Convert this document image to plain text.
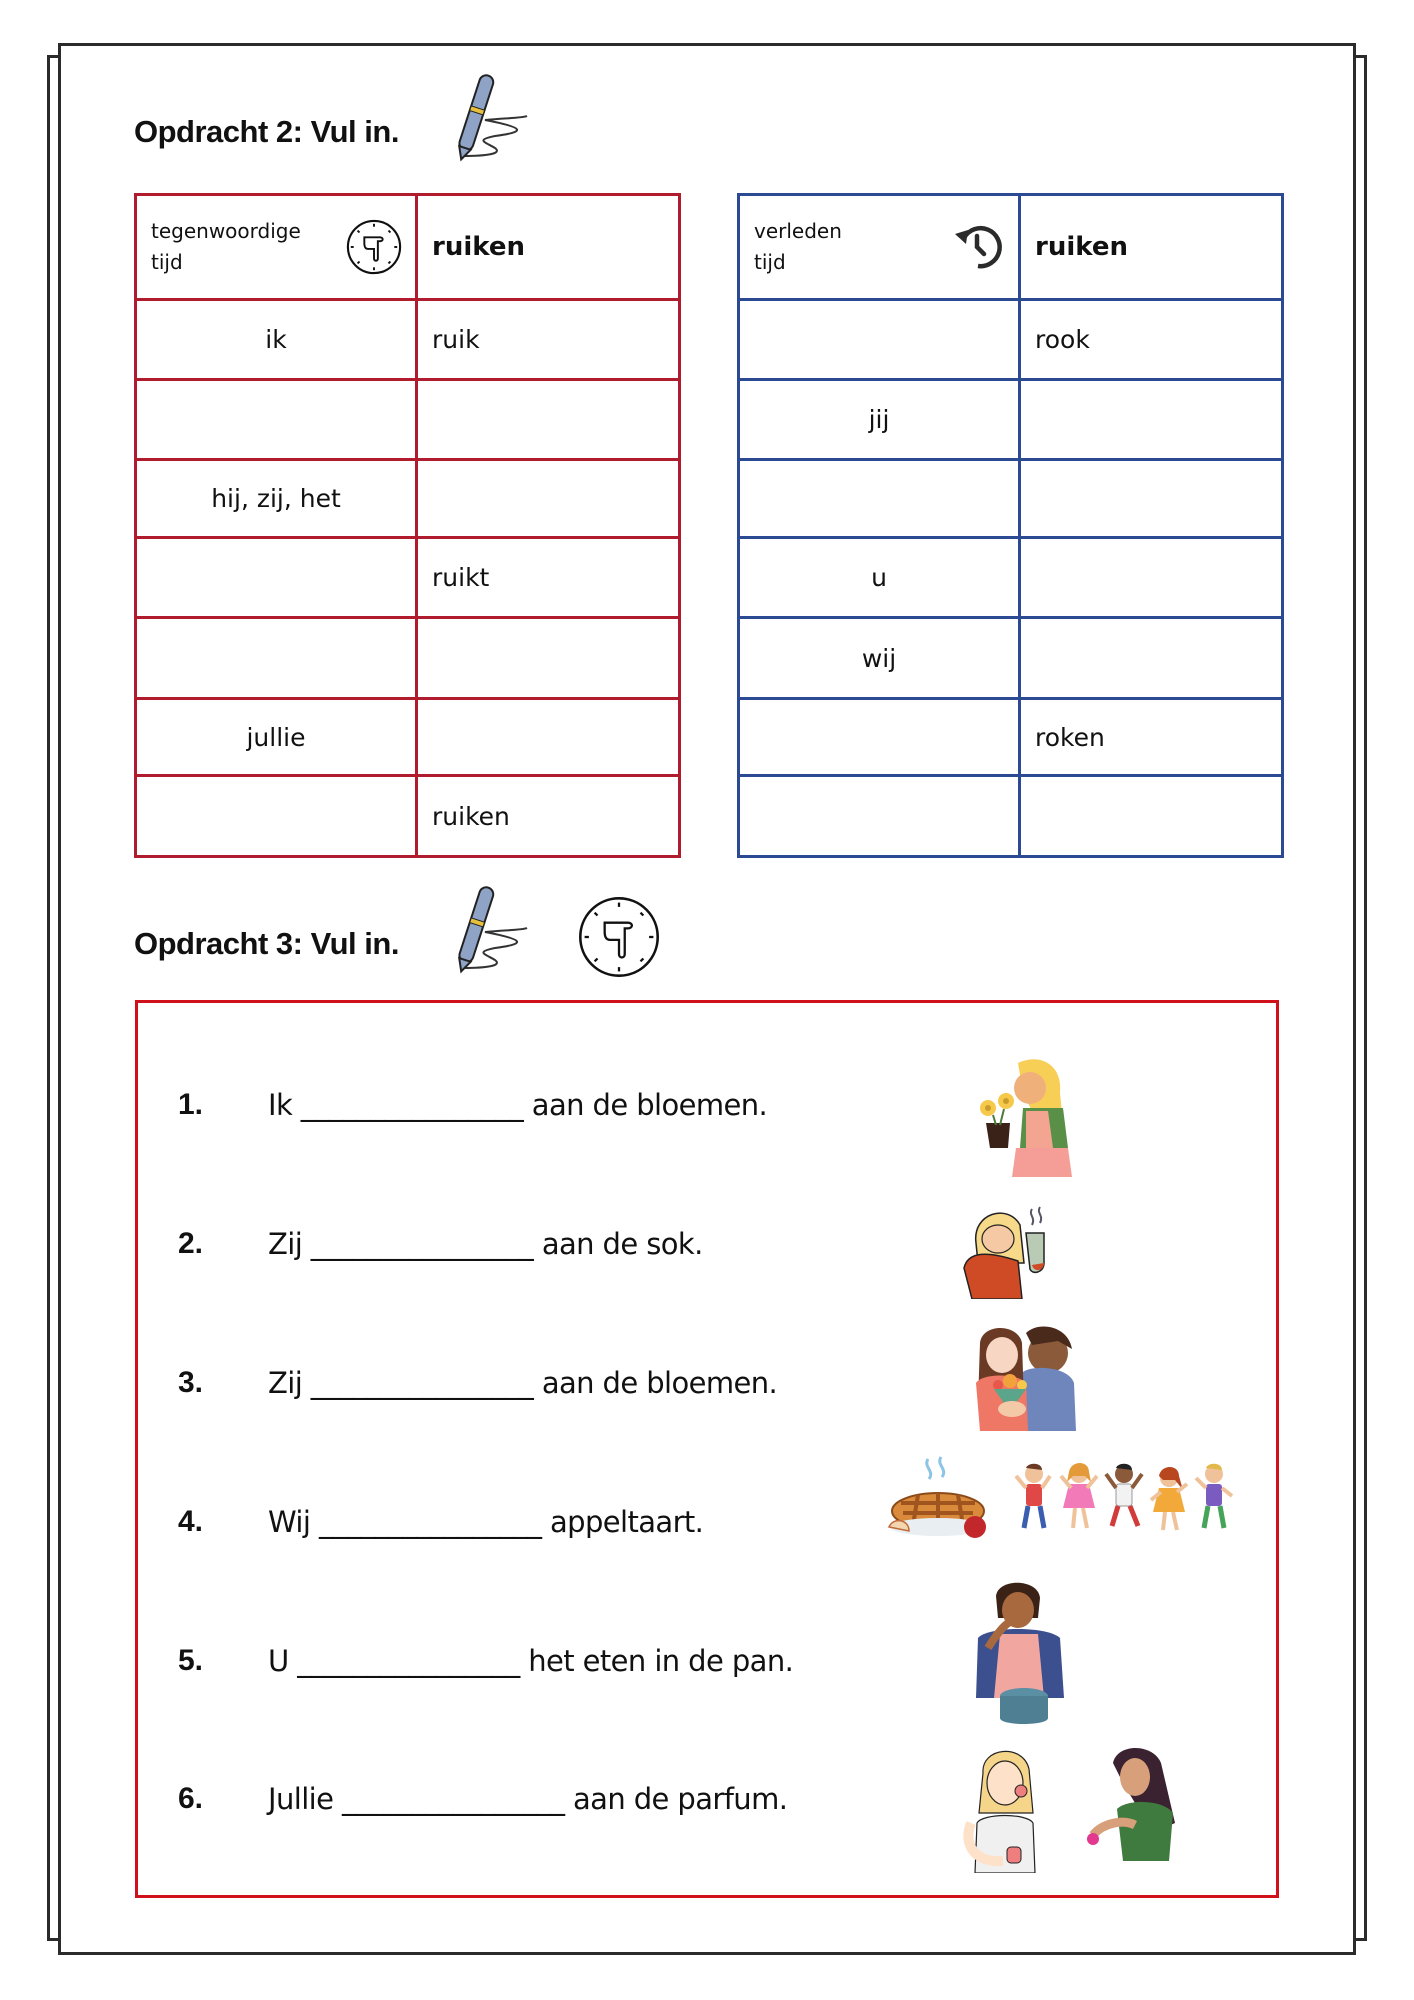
Opdracht 2: Vul in.
tegenwoordige
tijd	ruiken
ik	ruik

hij, zij, het	
	ruikt

jullie	
	ruiken
verleden
tijd	ruiken
	rook
jij	

u	
wij	
	roken

Opdracht 3: Vul in.
1.	Ik ________________ aan de bloemen.
2.	Zij ________________ aan de sok.
3.	Zij ________________ aan de bloemen.
4.	Wij ________________ appeltaart.
5.	U ________________ het eten in de pan.
6.	Jullie ________________ aan de parfum.
